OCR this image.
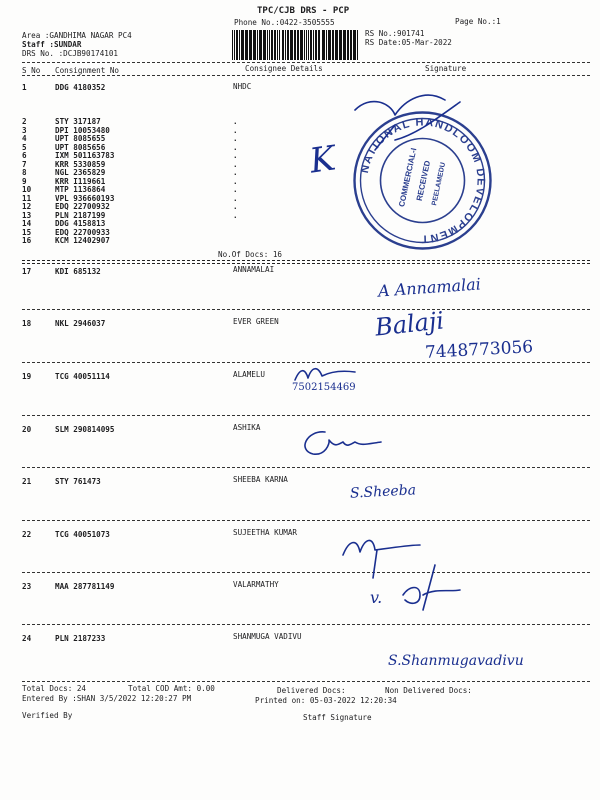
TPC/CJB DRS - PCP
Phone No.:0422-3505555	Page No.:1
Area :GANDHIMA NAGAR PC4
Staff :SUNDAR
DRS No. :DCJB90174101
RS No.:901741
RS Date:05-Mar-2022
S No Consignment No	Consignee Details	Signature
1	DDG 4180352	NHDC
2	STY 317187	.
3	DPI 10053480	.
4	UPT 8085655	.
5	UPT 8085656	.
6	IXM 501163783	.
7	KRR 5330859	.
8	NGL 2365829	.
9	KRR I119661	.
10	MTP 1136864	.
11	VPL 936660193	.
12	EDQ 22700932	.
13	PLN 2187199	.
14	DDG 4158813
15	EDQ 22700933
16	KCM 12402907
No.Of Docs: 16
NATIONAL HANDLOOM DEVELOPMENT
COMMERCIAL-I
RECEIVED PEELAMEDU
K
17	KDI 685132	ANNAMALAI
18	NKL 2946037	EVER GREEN
19	TCG 40051114	ALAMELU
20	SLM 290814095	ASHIKA
21	STY 761473	SHEEBA KARNA
22	TCG 40051073	SUJEETHA KUMAR
23	MAA 287781149	VALARMATHY
24	PLN 2187233	SHANMUGA VADIVU
A Annamalai
Balaji
7448773056
7502154469
S.Sheeba
v.
S.Shanmugavadivu
Total Docs: 24	Total COD Amt: 0.00	Delivered Docs:	Non Delivered Docs:
Entered By :SHAN 3/5/2022 12:20:27 PM	Printed on: 05-03-2022 12:20:34
Verified By	Staff Signature
